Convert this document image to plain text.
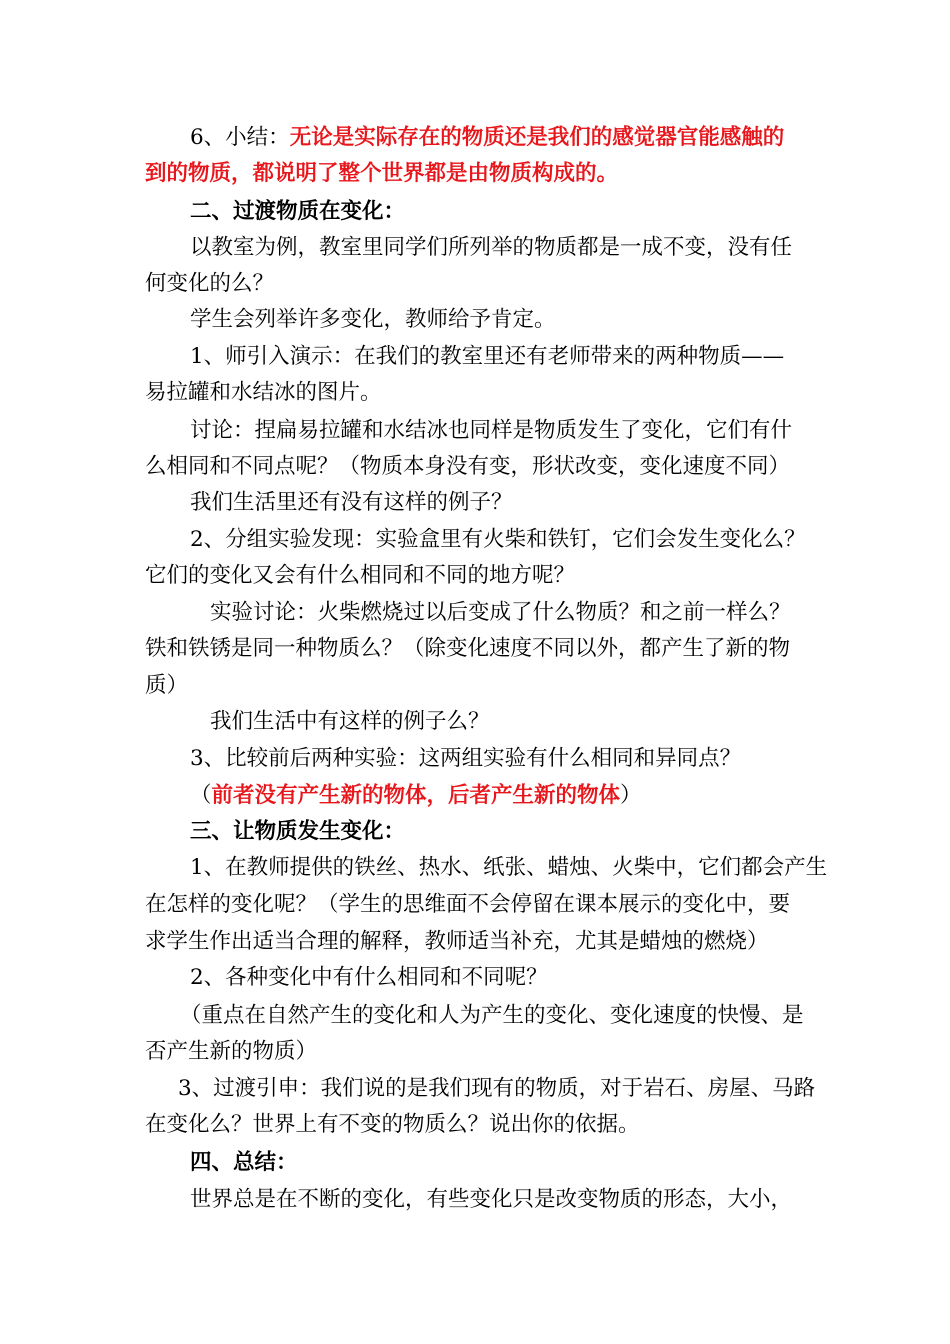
6、小结：无论是实际存在的物质还是我们的感觉器官能感触的
到的物质，都说明了整个世界都是由物质构成的。
二、过渡物质在变化：
以教室为例，教室里同学们所列举的物质都是一成不变，没有任
何变化的么？
学生会列举许多变化，教师给予肯定。
1、师引入演示：在我们的教室里还有老师带来的两种物质——
易拉罐和水结冰的图片。
讨论：捏扁易拉罐和水结冰也同样是物质发生了变化，它们有什
么相同和不同点呢？（物质本身没有变，形状改变，变化速度不同）
我们生活里还有没有这样的例子？
2、分组实验发现：实验盒里有火柴和铁钉，它们会发生变化么？
它们的变化又会有什么相同和不同的地方呢？
实验讨论：火柴燃烧过以后变成了什么物质？和之前一样么？
铁和铁锈是同一种物质么？（除变化速度不同以外，都产生了新的物
质）
我们生活中有这样的例子么？
3、比较前后两种实验：这两组实验有什么相同和异同点？
（前者没有产生新的物体，后者产生新的物体）
三、让物质发生变化：
1、在教师提供的铁丝、热水、纸张、蜡烛、火柴中，它们都会产生
在怎样的变化呢？（学生的思维面不会停留在课本展示的变化中，要
求学生作出适当合理的解释，教师适当补充，尤其是蜡烛的燃烧）
2、各种变化中有什么相同和不同呢？
（重点在自然产生的变化和人为产生的变化、变化速度的快慢、是
否产生新的物质）
3、过渡引申：我们说的是我们现有的物质，对于岩石、房屋、马路
在变化么？世界上有不变的物质么？说出你的依据。
四、总结：
世界总是在不断的变化，有些变化只是改变物质的形态，大小，
